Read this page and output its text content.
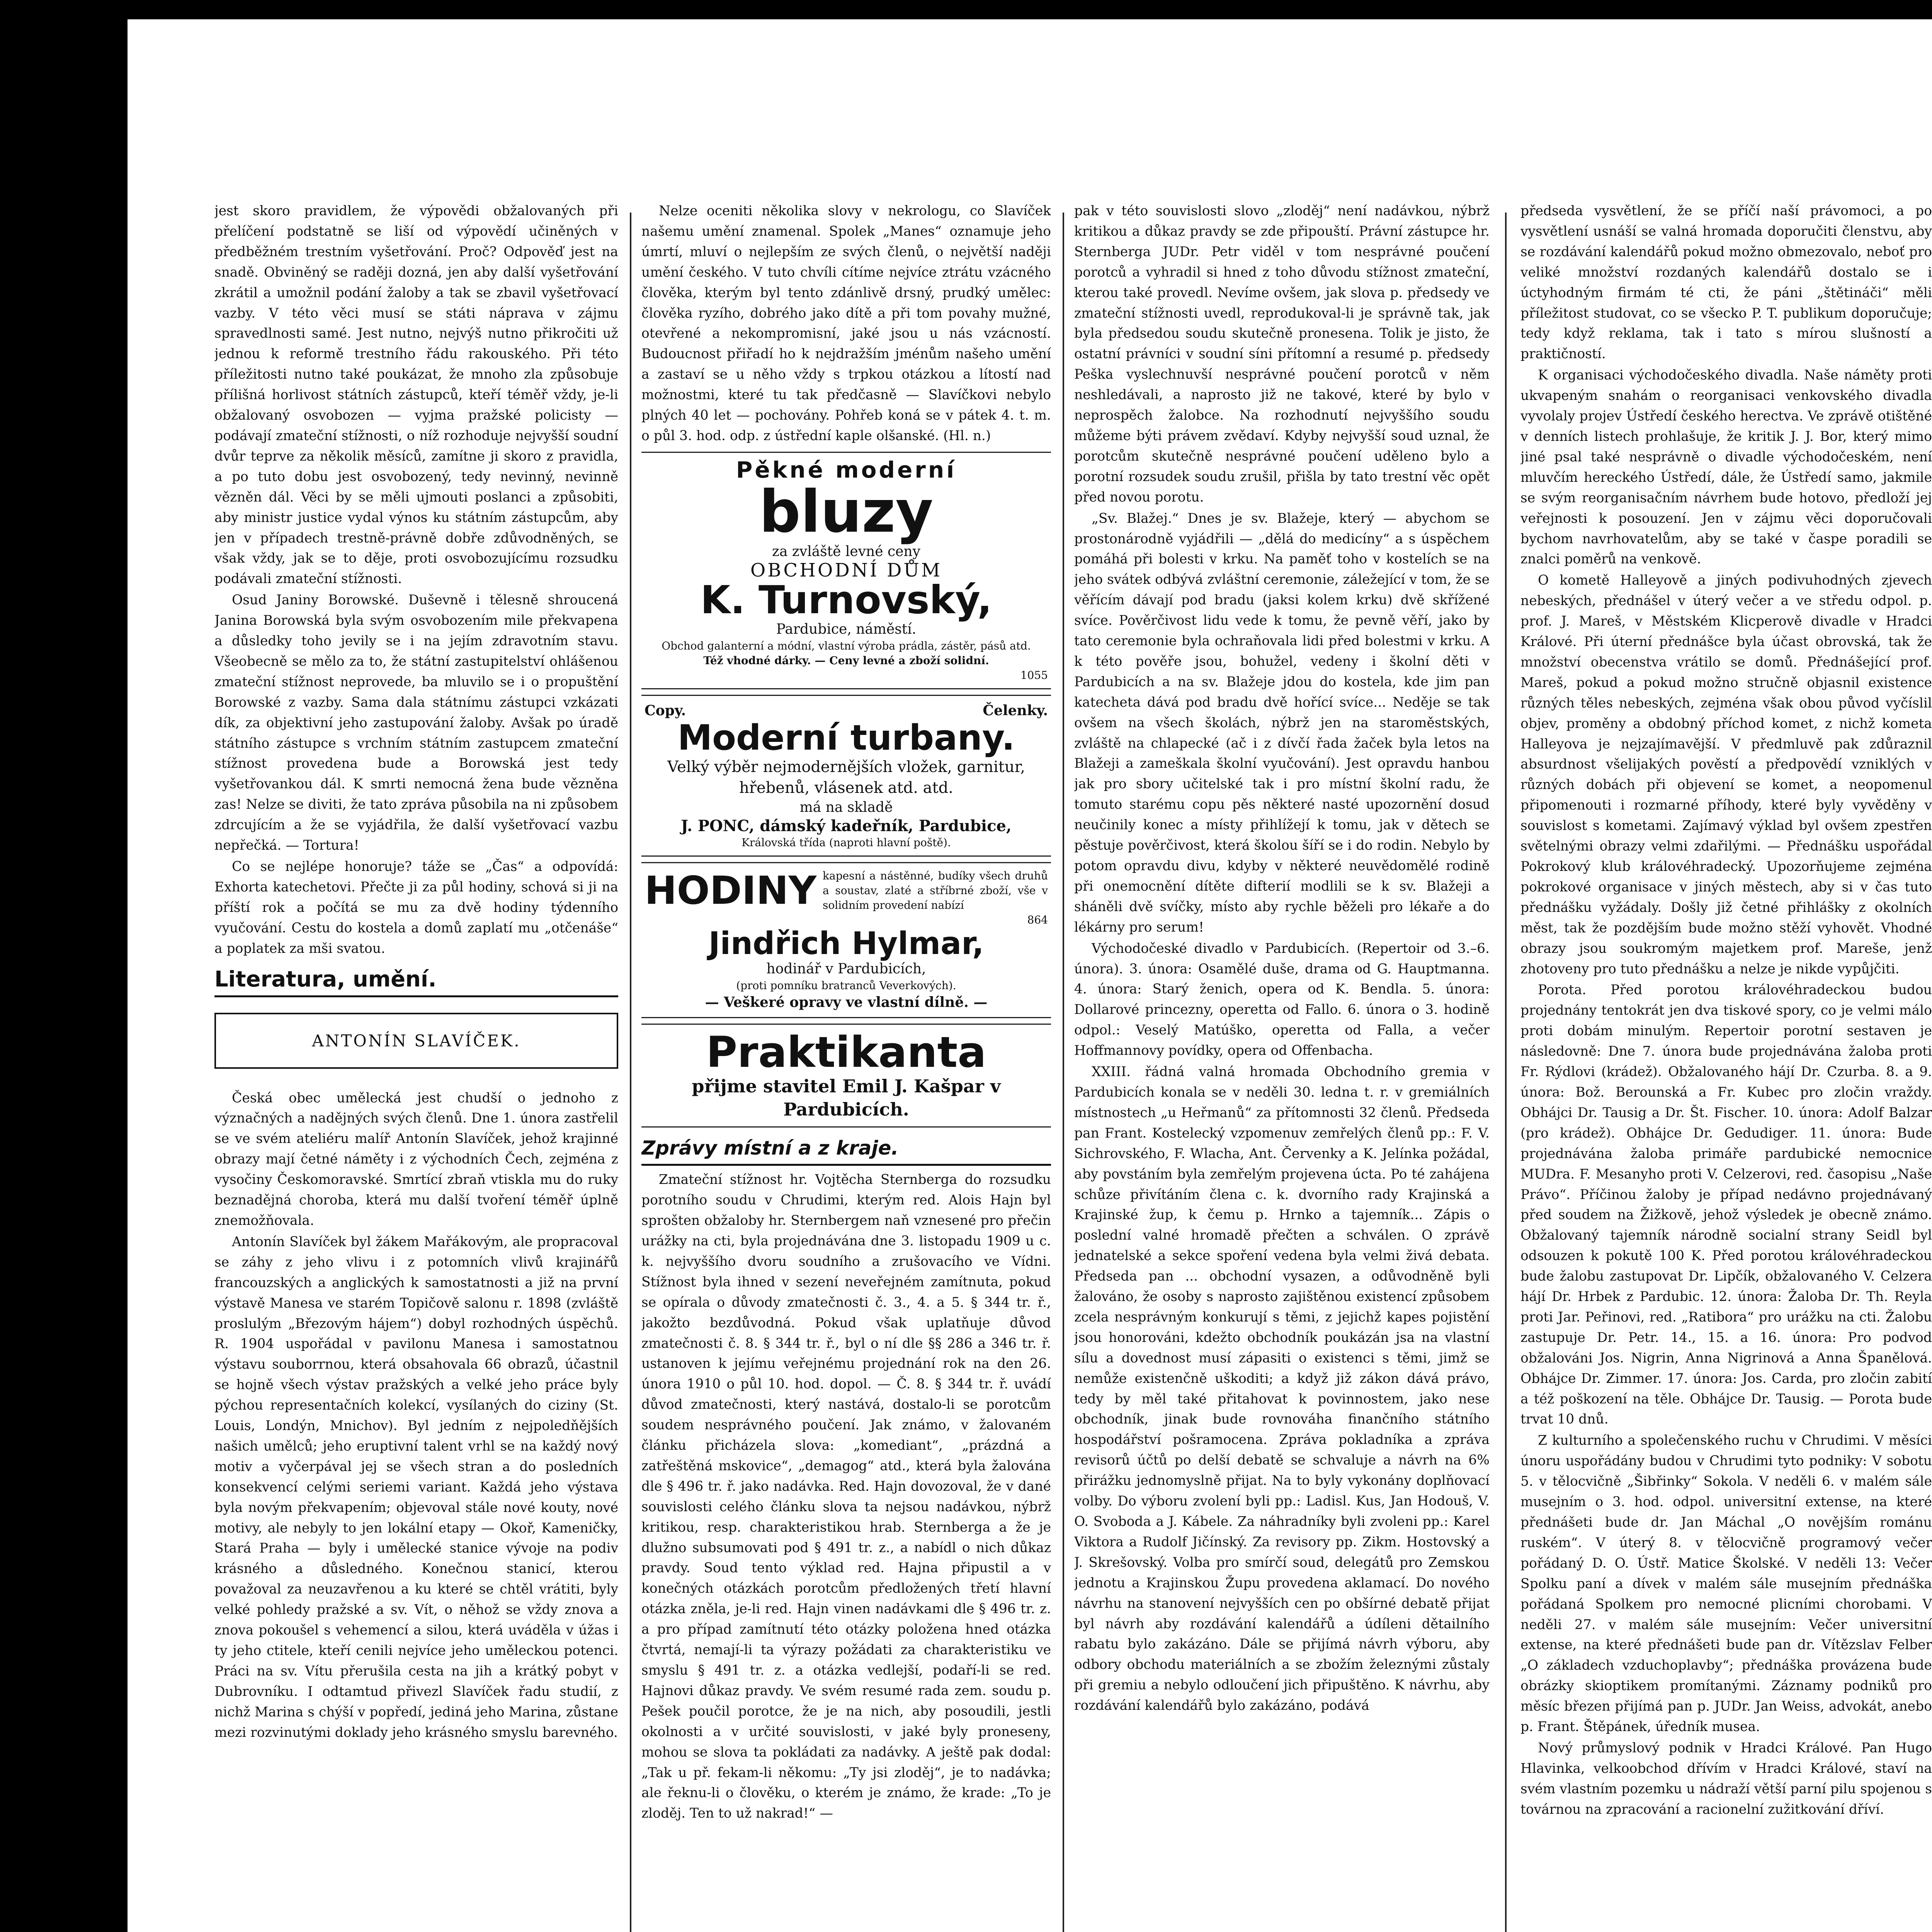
jest skoro pravidlem, že výpovědi obžalovaných při přelíčení podstatně se liší od výpovědí učiněných v předběžném trestním vyšetřování. Proč? Odpověď jest na snadě. Obviněný se raději dozná, jen aby další vyšetřování zkrátil a umožnil podání žaloby a tak se zbavil vyšetřovací vazby. V této věci musí se státi náprava v zájmu spravedlnosti samé. Jest nutno, nejvýš nutno přikročiti už jednou k reformě trestního řádu rakouského. Při této příležitosti nutno také poukázat, že mnoho zla způsobuje přílišná horlivost státních zástupců, kteří téměř vždy, je-li obžalovaný osvobozen — vyjma pražské policisty — podávají zmateční stížnosti, o níž rozhoduje nejvyšší soudní dvůr teprve za několik měsíců, zamítne ji skoro z pravidla, a po tuto dobu jest osvobozený, tedy nevinný, nevinně vězněn dál. Věci by se měli ujmouti poslanci a způsobiti, aby ministr justice vydal výnos ku státním zástupcům, aby jen v případech trestně-právně dobře zdůvodněných, se však vždy, jak se to děje, proti osvobozujícímu rozsudku podávali zmateční stížnosti.

Osud Janiny Borowské. Duševně i tělesně shroucená Janina Borowská byla svým osvobozením mile překvapena a důsledky toho jevily se i na jejím zdravotním stavu. Všeobecně se mělo za to, že státní zastupitelství ohlášenou zmateční stížnost neprovede, ba mluvilo se i o propuštění Borowské z vazby. Sama dala státnímu zástupci vzkázati dík, za objektivní jeho zastupování žaloby. Avšak po úradě státního zástupce s vrchním státním zastupcem zmateční stížnost provedena bude a Borowská jest tedy vyšetřovankou dál. K smrti nemocná žena bude vězněna zas! Nelze se diviti, že tato zpráva působila na ni způsobem zdrcujícím a že se vyjádřila, že další vyšetřovací vazbu nepřečká. — Tortura!

Co se nejlépe honoruje? táže se „Čas“ a odpovídá: Exhorta katechetovi. Přečte ji za půl hodiny, schová si ji na příští rok a počítá se mu za dvě hodiny týdenního vyučování. Cestu do kostela a domů zaplatí mu „otčenáše“ a poplatek za mši svatou.

Literatura, umění.
ANTONÍN SLAVÍČEK.

Česká obec umělecká jest chudší o jednoho z význačných a nadějných svých členů. Dne 1. února zastřelil se ve svém ateliéru malíř Antonín Slavíček, jehož krajinné obrazy mají četné náměty i z východních Čech, zejména z vysočiny Českomoravské. Smrtící zbraň vtiskla mu do ruky beznadějná choroba, která mu další tvoření téměř úplně znemožňovala.

Antonín Slavíček byl žákem Mařákovým, ale propracoval se záhy z jeho vlivu i z potomních vlivů krajinářů francouzských a anglických k samostatnosti a již na první výstavě Manesa ve starém Topičově salonu r. 1898 (zvláště proslulým „Březovým hájem“) dobyl rozhodných úspěchů. R. 1904 uspořádal v pavilonu Manesa i samostatnou výstavu souborrnou, která obsahovala 66 obrazů, účastnil se hojně všech výstav pražských a velké jeho práce byly pýchou representačních kolekcí, vysílaných do ciziny (St. Louis, Londýn, Mnichov). Byl jedním z nejpoledňějších našich umělců; jeho eruptivní talent vrhl se na každý nový motiv a vyčerpával jej se všech stran a do posledních konsekvencí celými seriemi variant. Každá jeho výstava byla novým překvapením; objevoval stále nové kouty, nové motivy, ale nebyly to jen lokální etapy — Okoř, Kameničky, Stará Praha — byly i umělecké stanice vývoje na podiv krásného a důsledného. Konečnou stanicí, kterou považoval za neuzavřenou a ku které se chtěl vrátiti, byly velké pohledy pražské a sv. Vít, o něhož se vždy znova a znova pokoušel s vehemencí a silou, která uváděla v úžas i ty jeho ctitele, kteří cenili nejvíce jeho uměleckou potenci. Práci na sv. Vítu přerušila cesta na jih a krátký pobyt v Dubrovníku. I odtamtud přivezl Slavíček řadu studií, z nichž Marina s chýší v popředí, jediná jeho Marina, zůstane mezi rozvinutými doklady jeho krásného smyslu barevného.

Nelze oceniti několika slovy v nekrologu, co Slavíček našemu umění znamenal. Spolek „Manes“ oznamuje jeho úmrtí, mluví o nejlepším ze svých členů, o největší naději umění českého. V tuto chvíli cítíme nejvíce ztrátu vzácného člověka, kterým byl tento zdánlivě drsný, prudký umělec: člověka ryzího, dobrého jako dítě a při tom povahy mužné, otevřené a nekompromisní, jaké jsou u nás vzácností. Budoucnost přiřadí ho k nejdražším jménům našeho umění a zastaví se u něho vždy s trpkou otázkou a lítostí nad možnostmi, které tu tak předčasně — Slavíčkovi nebylo plných 40 let — pochovány. Pohřeb koná se v pátek 4. t. m. o půl 3. hod. odp. z ústřední kaple olšanské. (Hl. n.)

Pěkné moderní
bluzy
za zvláště levné ceny
OBCHODNÍ DŮM
K. Turnovský,
Pardubice, náměstí.
Obchod galanterní a módní, vlastní výroba prádla, zástěr, pásů atd.
Též vhodné dárky. — Ceny levné a zboží solidní.
1055
Copy.	Čelenky.
Moderní turbany.
Velký výběr nejmodernějších vložek, garnitur, hřebenů, vlásenek atd. atd.
má na skladě
J. PONC, dámský kadeřník, Pardubice,
Královská třída (naproti hlavní poště).
HODINY kapesní a nástěnné, budíky všech druhů a soustav, zlaté a stříbrné zboží, vše v solidním provedení nabízí
864
Jindřich Hylmar,
hodinář v Pardubicích,
(proti pomníku bratranců Veverkových).
— Veškeré opravy ve vlastní dílně. —
Praktikanta
přijme stavitel Emil J. Kašpar v Pardubicích.
Zprávy místní a z kraje.

Zmateční stížnost hr. Vojtěcha Sternberga do rozsudku porotního soudu v Chrudimi, kterým red. Alois Hajn byl sprošten obžaloby hr. Sternbergem naň vznesené pro přečin urážky na cti, byla projednávána dne 3. listopadu 1909 u c. k. nejvyššího dvoru soudního a zrušovacího ve Vídni. Stížnost byla ihned v sezení neveřejném zamítnuta, pokud se opírala o důvody zmatečnosti č. 3., 4. a 5. § 344 tr. ř., jakožto bezdůvodná. Pokud však uplatňuje důvod zmatečnosti č. 8. § 344 tr. ř., byl o ní dle §§ 286 a 346 tr. ř. ustanoven k jejímu veřejnému projednání rok na den 26. února 1910 o půl 10. hod. dopol. — Č. 8. § 344 tr. ř. uvádí důvod zmatečnosti, který nastává, dostalo-li se porotcům soudem nesprávného poučení. Jak známo, v žalovaném článku přicházela slova: „komediant“, „prázdná a zatřeštěná mskovice“, „demagog“ atd., která byla žalována dle § 496 tr. ř. jako nadávka. Red. Hajn dovozoval, že v dané souvislosti celého článku slova ta nejsou nadávkou, nýbrž kritikou, resp. charakteristikou hrab. Sternberga a že je dlužno subsumovati pod § 491 tr. z., a nabídl o nich důkaz pravdy. Soud tento výklad red. Hajna připustil a v konečných otázkách porotcům předložených třetí hlavní otázka zněla, je-li red. Hajn vinen nadávkami dle § 496 tr. z. a pro případ zamítnutí této otázky položena hned otázka čtvrtá, nemají-li ta výrazy požádati za charakteristiku ve smyslu § 491 tr. z. a otázka vedlejší, podaří-li se red. Hajnovi důkaz pravdy. Ve svém resumé rada zem. soudu p. Pešek poučil porotce, že je na nich, aby posoudili, jestli okolnosti a v určité souvislosti, v jaké byly proneseny, mohou se slova ta pokládati za nadávky. A ještě pak dodal: „Tak u př. fekam-li někomu: „Ty jsi zloděj“, je to nadávka; ale řeknu-li o člověku, o kterém je známo, že krade: „To je zloděj. Ten to už nakrad!“ —

pak v této souvislosti slovo „zloděj“ není nadávkou, nýbrž kritikou a důkaz pravdy se zde připouští. Právní zástupce hr. Sternberga JUDr. Petr viděl v tom nesprávné poučení porotců a vyhradil si hned z toho důvodu stížnost zmateční, kterou také provedl. Nevíme ovšem, jak slova p. předsedy ve zmateční stížnosti uvedl, reprodukoval-li je správně tak, jak byla předsedou soudu skutečně pronesena. Tolik je jisto, že ostatní právníci v soudní síni přítomní a resumé p. předsedy Peška vyslechnuvší nesprávné poučení porotců v něm neshledávali, a naprosto již ne takové, které by bylo v neprospěch žalobce. Na rozhodnutí nejvyššího soudu můžeme býti právem zvědaví. Kdyby nejvyšší soud uznal, že porotcům skutečně nesprávné poučení uděleno bylo a porotní rozsudek soudu zrušil, přišla by tato trestní věc opět před novou porotu.

„Sv. Blažej.“ Dnes je sv. Blažeje, který — abychom se prostonárodně vyjádřili — „dělá do medicíny“ a s úspěchem pomáhá při bolesti v krku. Na paměť toho v kostelích se na jeho svátek odbývá zvláštní ceremonie, záležející v tom, že se věřícím dávají pod bradu (jaksi kolem krku) dvě skřížené svíce. Pověrčivost lidu vede k tomu, že pevně věří, jako by tato ceremonie byla ochraňovala lidi před bolestmi v krku. A k této pověře jsou, bohužel, vedeny i školní děti v Pardubicích a na sv. Blažeje jdou do kostela, kde jim pan katecheta dává pod bradu dvě hořící svíce... Neděje se tak ovšem na všech školách, nýbrž jen na staroměstských, zvláště na chlapecké (ač i z dívčí řada žaček byla letos na Blažeji a zameškala školní vyučování). Jest opravdu hanbou jak pro sbory učitelské tak i pro místní školní radu, že tomuto starému copu pěs některé nasté upozornění dosud neučinily konec a místy přihlížejí k tomu, jak v dětech se pěstuje pověrčivost, která školou šíří se i do rodin. Nebylo by potom opravdu divu, kdyby v některé neuvědomělé rodině při onemocnění dítěte difterií modlili se k sv. Blažeji a sháněli dvě svíčky, místo aby rychle běželi pro lékaře a do lékárny pro serum!

Východočeské divadlo v Pardubicích. (Repertoir od 3.–6. února). 3. února: Osamělé duše, drama od G. Hauptmanna. 4. února: Starý ženich, opera od K. Bendla. 5. února: Dollarové princezny, operetta od Fallo. 6. února o 3. hodině odpol.: Veselý Matúško, operetta od Falla, a večer Hoffmannovy povídky, opera od Offenbacha.

XXIII. řádná valná hromada Obchodního gremia v Pardubicích konala se v neděli 30. ledna t. r. v gremiálních místnostech „u Heřmanů“ za přítomnosti 32 členů. Předseda pan Frant. Kostelecký vzpomenuv zemřelých členů pp.: F. V. Sichrovského, F. Wlacha, Ant. Červenky a K. Jelínka požádal, aby povstáním byla zemřelým projevena úcta. Po té zahájena schůze přivítáním člena c. k. dvorního rady Krajinská a Krajinské žup, k čemu p. Hrnko a tajemník... Zápis o poslední valné hromadě přečten a schválen. O zprávě jednatelské a sekce spoření vedena byla velmi živá debata. Předseda pan ... obchodní vysazen, a odůvodněně byli žalováno, že osoby s naprosto zajištěnou existencí způsobem zcela nesprávným konkurují s těmi, z jejichž kapes pojistění jsou honorováni, kdežto obchodník poukázán jsa na vlastní sílu a dovednost musí zápasiti o existenci s těmi, jimž se nemůže existenčně uškoditi; a když již zákon dává právo, tedy by měl také přitahovat k povinnostem, jako nese obchodník, jinak bude rovnováha finančního státního hospodářství pošramocena. Zpráva pokladníka a zpráva revisorů účtů po delší debatě se schvaluje a návrh na 6% přirážku jednomyslně přijat. Na to byly vykonány doplňovací volby. Do výboru zvolení byli pp.: Ladisl. Kus, Jan Hodouš, V. O. Svoboda a J. Kábele. Za náhradníky byli zvoleni pp.: Karel Viktora a Rudolf Jičínský. Za revisory pp. Zikm. Hostovský a J. Skrešovský. Volba pro smírčí soud, delegátů pro Zemskou jednotu a Krajinskou Župu provedena aklamací. Do nového návrhu na stanovení nejvyšších cen po obšírné debatě přijat byl návrh aby rozdávání kalendářů a údíleni dětailního rabatu bylo zakázáno. Dále se přijímá návrh výboru, aby odbory obchodu materiálních a se zbožím železnými zůstaly při gremiu a nebylo odloučení jich připuštěno. K návrhu, aby rozdávání kalendářů bylo zakázáno, podává

předseda vysvětlení, že se příčí naší právomoci, a po vysvětlení usnáší se valná hromada doporučiti členstvu, aby se rozdávání kalendářů pokud možno obmezovalo, neboť pro veliké množství rozdaných kalendářů dostalo se i úctyhodným firmám té cti, že páni „štětináči“ měli příležitost studovat, co se všecko P. T. publikum doporučuje; tedy když reklama, tak i tato s mírou slušností a praktičností.

K organisaci východočeského divadla. Naše náměty proti ukvapeným snahám o reorganisaci venkovského divadla vyvolaly projev Ústředí českého herectva. Ve zprávě otištěné v denních listech prohlašuje, že kritik J. J. Bor, který mimo jiné psal také nesprávně o divadle východočeském, není mluvčím hereckého Ústředí, dále, že Ústředí samo, jakmile se svým reorganisačním návrhem bude hotovo, předloží jej veřejnosti k posouzení. Jen v zájmu věci doporučovali bychom navrhovatelům, aby se také v časpe poradili se znalci poměrů na venkově.

O kometě Halleyově a jiných podivuhodných zjevech nebeských, přednášel v úterý večer a ve středu odpol. p. prof. J. Mareš, v Městském Klicperově divadle v Hradci Králové. Při úterní přednášce byla účast obrovská, tak že množství obecenstva vrátilo se domů. Přednášející prof. Mareš, pokud a pokud možno stručně objasnil existence různých těles nebeských, zejména však obou původ vyčíslil objev, proměny a obdobný příchod komet, z nichž kometa Halleyova je nejzajímavější. V předmluvě pak zdůraznil absurdnost všelijakých pověstí a předpovědí vzniklých v různých dobách při objevení se komet, a neopomenul připomenouti i rozmarné příhody, které byly vyvěděny v souvislost s kometami. Zajímavý výklad byl ovšem zpestřen světelnými obrazy velmi zdařilými. — Přednášku uspořádal Pokrokový klub královéhradecký. Upozorňujeme zejména pokrokové organisace v jiných městech, aby si v čas tuto přednášku vyžádaly. Došly již četné přihlášky z okolních měst, tak že pozdějším bude možno stěží vyhovět. Vhodné obrazy jsou soukromým majetkem prof. Mareše, jenž zhotoveny pro tuto přednášku a nelze je nikde vypůjčiti.

Porota. Před porotou královéhradeckou budou projednány tentokrát jen dva tiskové spory, co je velmi málo proti dobám minulým. Repertoir porotní sestaven je následovně: Dne 7. února bude projednávána žaloba proti Fr. Rýdlovi (krádež). Obžalovaného hájí Dr. Czurba. 8. a 9. února: Bož. Berounská a Fr. Kubec pro zločin vraždy. Obhájci Dr. Tausig a Dr. Št. Fischer. 10. února: Adolf Balzar (pro krádež). Obhájce Dr. Gedudiger. 11. února: Bude projednávána žaloba primáře pardubické nemocnice MUDra. F. Mesanyho proti V. Celzerovi, red. časopisu „Naše Právo“. Příčinou žaloby je případ nedávno projednávaný před soudem na Žižkově, jehož výsledek je obecně známo. Obžalovaný tajemník národně socialní strany Seidl byl odsouzen k pokutě 100 K. Před porotou královéhradeckou bude žalobu zastupovat Dr. Lipčík, obžalovaného V. Celzera hájí Dr. Hrbek z Pardubic. 12. února: Žaloba Dr. Th. Reyla proti Jar. Peřinovi, red. „Ratibora“ pro urážku na cti. Žalobu zastupuje Dr. Petr. 14., 15. a 16. února: Pro podvod obžalováni Jos. Nigrin, Anna Nigrinová a Anna Španělová. Obhájce Dr. Zimmer. 17. února: Jos. Carda, pro zločin zabití a též poškození na těle. Obhájce Dr. Tausig. — Porota bude trvat 10 dnů.

Z kulturního a společenského ruchu v Chrudimi. V měsíci únoru uspořádány budou v Chrudimi tyto podniky: V sobotu 5. v tělocvičně „Šibřinky“ Sokola. V neděli 6. v malém sále musejním o 3. hod. odpol. universitní extense, na které přednášeti bude dr. Jan Máchal „O novějším románu ruském“. V úterý 8. v tělocvičně programový večer pořádaný D. O. Ústř. Matice Školské. V neděli 13: Večer Spolku paní a dívek v malém sále musejním přednáška pořádaná Spolkem pro nemocné plicními chorobami. V neděli 27. v malém sále musejním: Večer universitní extense, na které přednášeti bude pan dr. Vítězslav Felber „O základech vzduchoplavby“; přednáška provázena bude obrázky skioptikem promítanými. Záznamy podniků pro měsíc březen přijímá pan p. JUDr. Jan Weiss, advokát, anebo p. Frant. Štěpánek, úředník musea.

Nový průmyslový podnik v Hradci Králové. Pan Hugo Hlavinka, velkoobchod dřívím v Hradci Králové, staví na svém vlastním pozemku u nádraží větší parní pilu spojenou s továrnou na zpracování a racionelní zužitkování dříví.
